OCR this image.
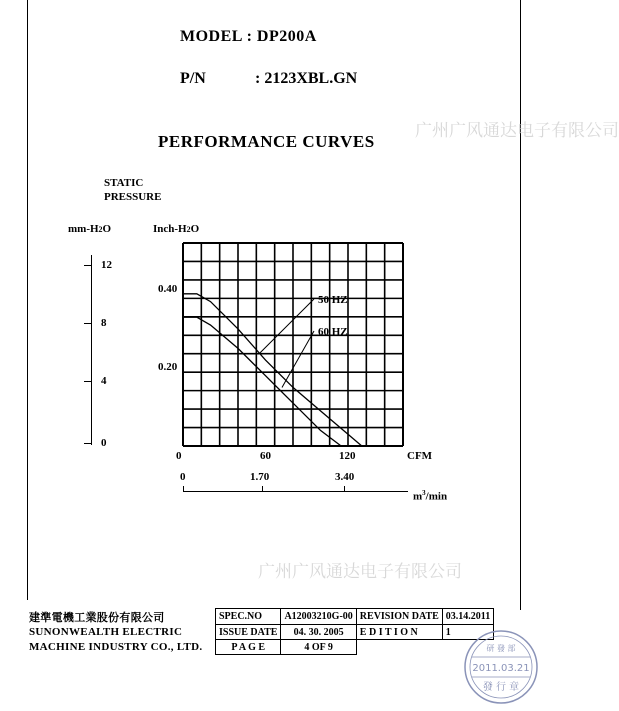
MODEL : DP200A
P/N	: 2123XBL.GN
广州广风通达电子有限公司
PERFORMANCE CURVES
STATIC
PRESSURE
mm-H2O	Inch-H2O
12
8
4
0
0.40
0.20
50 HZ
60 HZ
0	60	120	CFM
0	1.70	3.40
$m^3/\min$
广州广风通达电子有限公司
建準電機工業股份有限公司	SPEC.NO	A12003210G-00	REVISION DATE	03.14.2011
SUNONWEALTH ELECTRIC	ISSUE DATE	04. 30. 2005	E D I T I O N	1
MACHINE INDUSTRY CO., LTD.	P A G E	4 OF 9			研 發 部
2011.03.21
發 行 章
